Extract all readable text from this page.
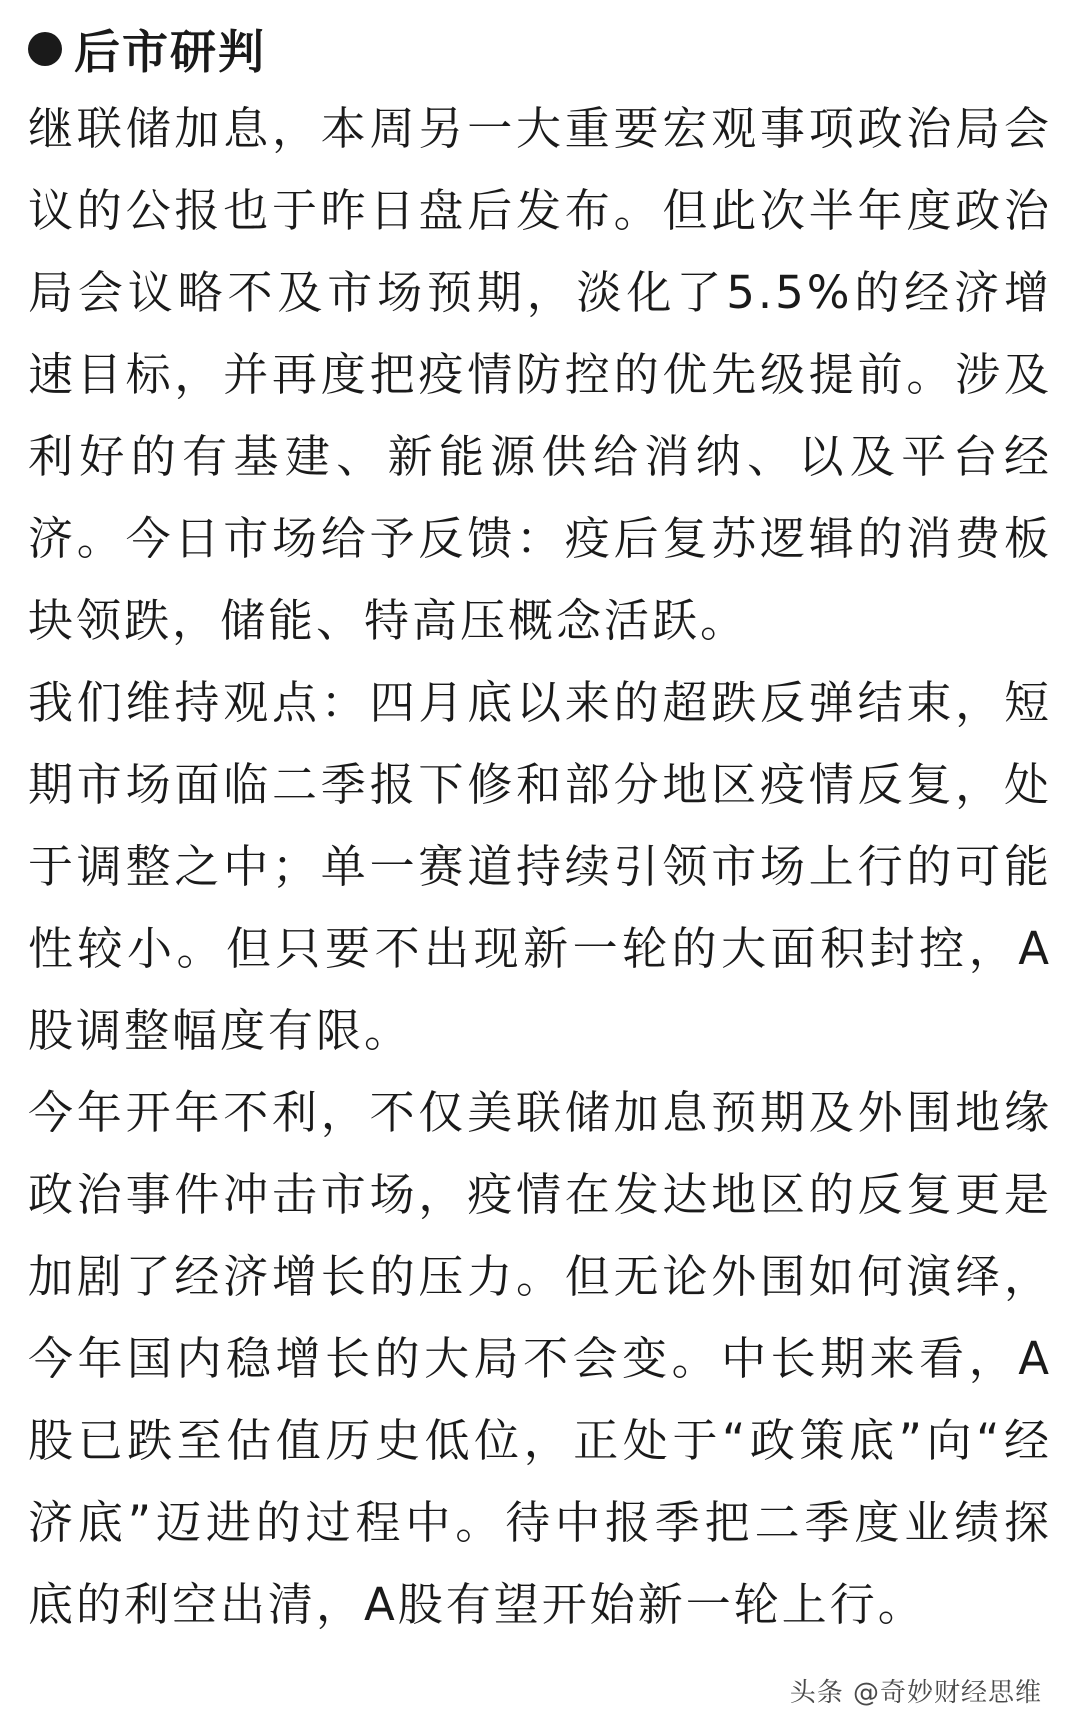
后市研判

继联储加息，本周另一大重要宏观事项政治局会议的公报也于昨日盘后发布。但此次半年度政治局会议略不及市场预期，淡化了5.5%的经济增速目标，并再度把疫情防控的优先级提前。涉及利好的有基建、新能源供给消纳、以及平台经济。今日市场给予反馈：疫后复苏逻辑的消费板块领跌，储能、特高压概念活跃。

我们维持观点：四月底以来的超跌反弹结束，短期市场面临二季报下修和部分地区疫情反复，处于调整之中；单一赛道持续引领市场上行的可能性较小。但只要不出现新一轮的大面积封控，A股调整幅度有限。

今年开年不利，不仅美联储加息预期及外围地缘政治事件冲击市场，疫情在发达地区的反复更是加剧了经济增长的压力。但无论外围如何演绎，今年国内稳增长的大局不会变。中长期来看，A股已跌至估值历史低位，正处于“政策底”向“经济底”迈进的过程中。待中报季把二季度业绩探底的利空出清，A股有望开始新一轮上行。

头条 @奇妙财经思维
